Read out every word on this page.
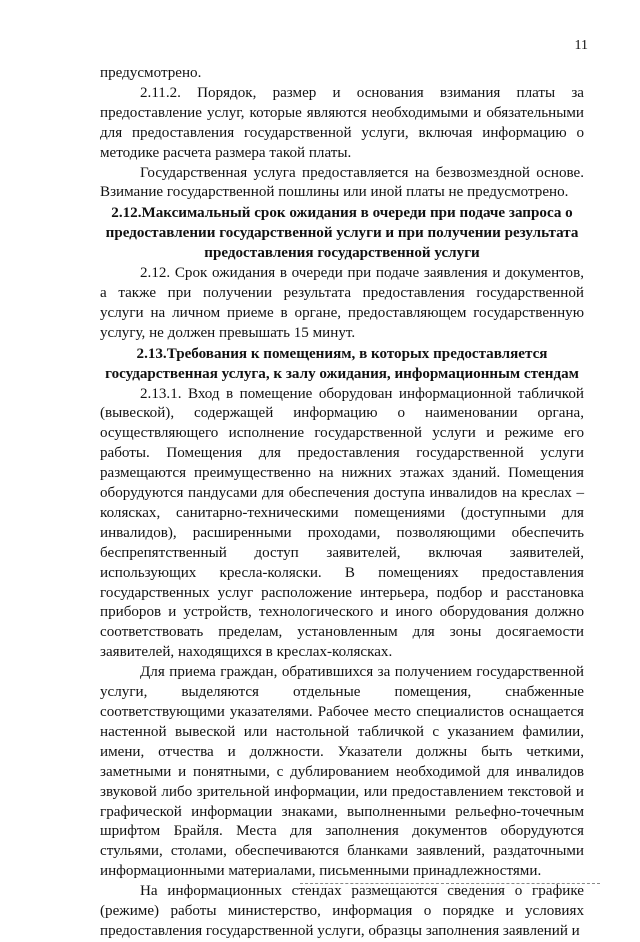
11

предусмотрено.

2.11.2. Порядок, размер и основания взимания платы за предоставление услуг, которые являются необходимыми и обязательными для предоставления государственной услуги, включая информацию о методике расчета размера такой платы.

Государственная услуга предоставляется на безвозмездной основе. Взимание государственной пошлины или иной платы не предусмотрено.

2.12.Максимальный срок ожидания в очереди при подаче запроса о предоставлении государственной услуги и при получении результата предоставления государственной услуги

2.12. Срок ожидания в очереди при подаче заявления и документов, а также при получении результата предоставления государственной услуги на личном приеме в органе, предоставляющем государственную услугу, не должен превышать 15 минут.

2.13.Требования к помещениям, в которых предоставляется государственная услуга, к залу ожидания, информационным стендам

2.13.1. Вход в помещение оборудован информационной табличкой (вывеской), содержащей информацию о наименовании органа, осуществляющего исполнение государственной услуги и режиме его работы. Помещения для предоставления государственной услуги размещаются преимущественно на нижних этажах зданий. Помещения оборудуются пандусами для обеспечения доступа инвалидов на креслах – колясках, санитарно-техническими помещениями (доступными для инвалидов), расширенными проходами, позволяющими обеспечить беспрепятственный доступ заявителей, включая заявителей, использующих кресла-коляски. В помещениях предоставления государственных услуг расположение интерьера, подбор и расстановка приборов и устройств, технологического и иного оборудования должно соответствовать пределам, установленным для зоны досягаемости заявителей, находящихся в креслах-колясках.

Для приема граждан, обратившихся за получением государственной услуги, выделяются отдельные помещения, снабженные соответствующими указателями. Рабочее место специалистов оснащается настенной вывеской или настольной табличкой с указанием фамилии, имени, отчества и должности. Указатели должны быть четкими, заметными и понятными, с дублированием необходимой для инвалидов звуковой либо зрительной информации, или предоставлением текстовой и графической информации знаками, выполненными рельефно-точечным шрифтом Брайля. Места для заполнения документов оборудуются стульями, столами, обеспечиваются бланками заявлений, раздаточными информационными материалами, письменными принадлежностями.

На информационных стендах размещаются сведения о графике (режиме) работы министерство, информация о порядке и условиях предоставления государственной услуги, образцы заполнения заявлений и
